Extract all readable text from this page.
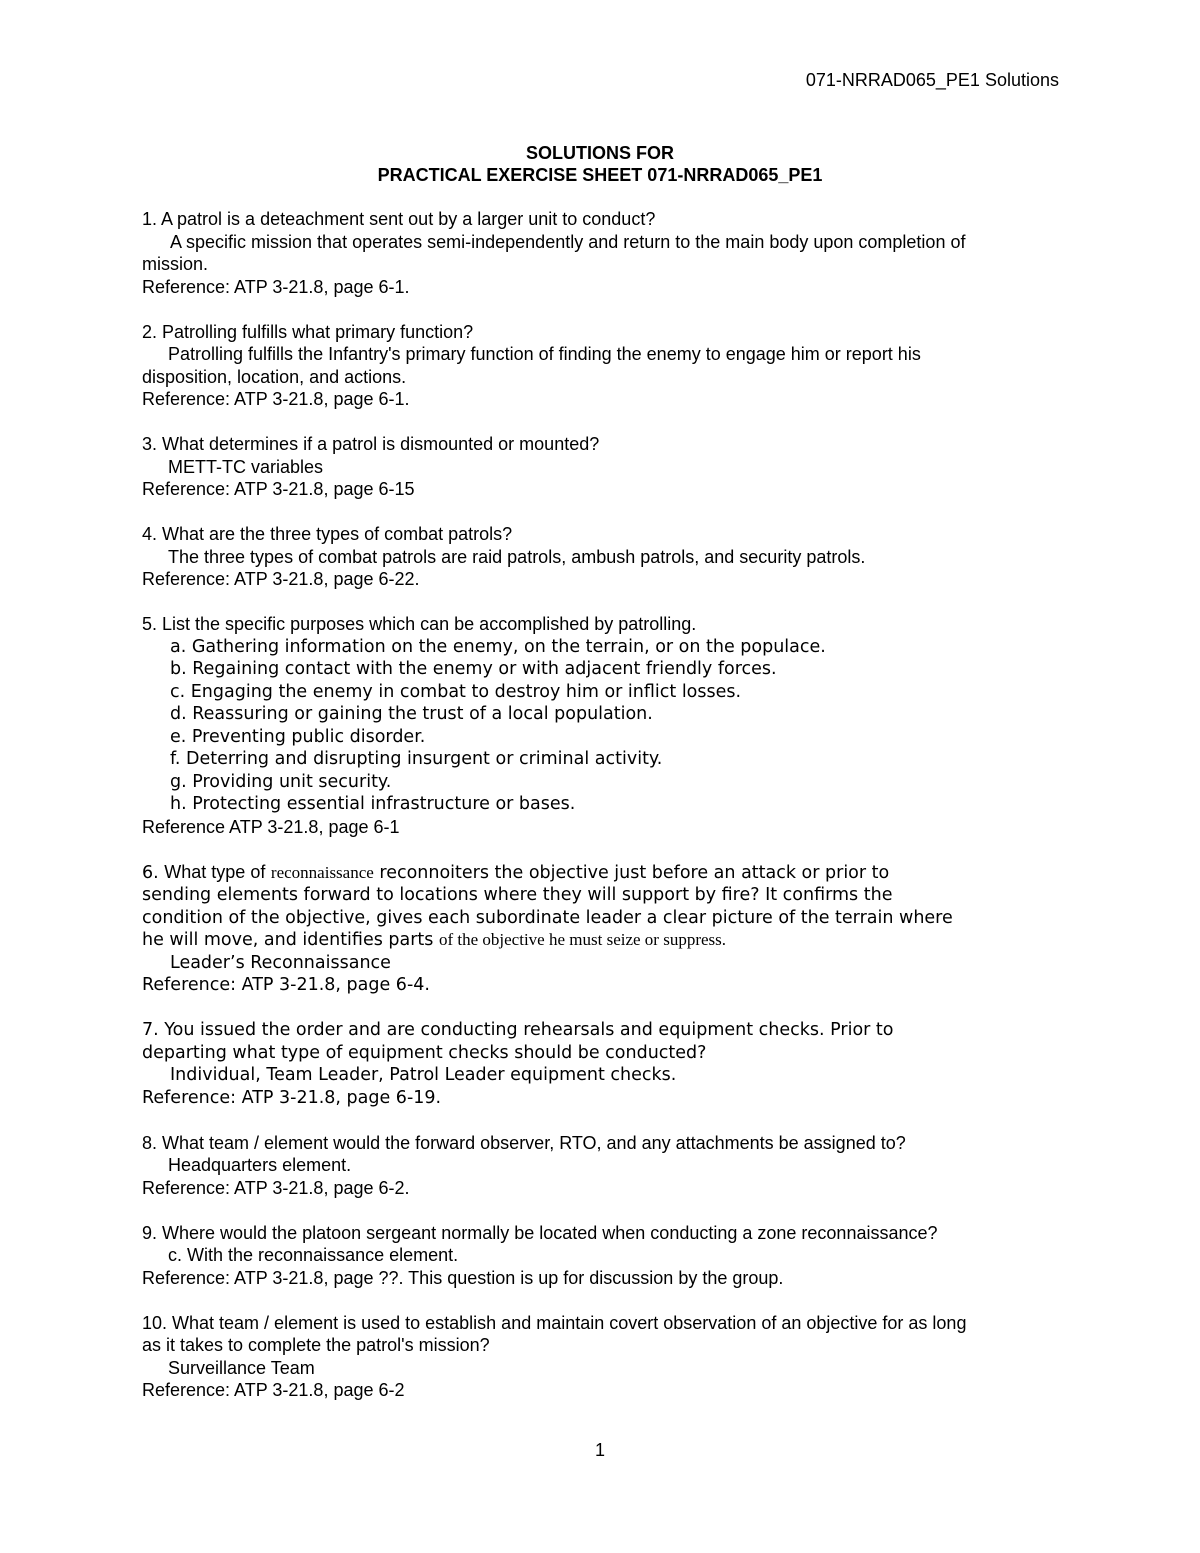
071-NRRAD065_PE1 Solutions
SOLUTIONS FOR
PRACTICAL EXERCISE SHEET 071-NRRAD065_PE1
1. A patrol is a deteachment sent out by a larger unit to conduct?
A specific mission that operates semi-independently and return to the main body upon completion of
mission.
Reference: ATP 3-21.8, page 6-1.
2. Patrolling fulfills what primary function?
Patrolling fulfills the Infantry's primary function of finding the enemy to engage him or report his
disposition, location, and actions.
Reference: ATP 3-21.8, page 6-1.
3. What determines if a patrol is dismounted or mounted?
METT-TC variables
Reference: ATP 3-21.8, page 6-15
4. What are the three types of combat patrols?
The three types of combat patrols are raid patrols, ambush patrols, and security patrols.
Reference: ATP 3-21.8, page 6-22.
5. List the specific purposes which can be accomplished by patrolling.
a. Gathering information on the enemy, on the terrain, or on the populace.
b. Regaining contact with the enemy or with adjacent friendly forces.
c. Engaging the enemy in combat to destroy him or inflict losses.
d. Reassuring or gaining the trust of a local population.
e. Preventing public disorder.
f. Deterring and disrupting insurgent or criminal activity.
g. Providing unit security.
h. Protecting essential infrastructure or bases.
Reference ATP 3-21.8, page 6-1
6. What type of reconnaissance reconnoiters the objective just before an attack or prior to
sending elements forward to locations where they will support by fire? It confirms the
condition of the objective, gives each subordinate leader a clear picture of the terrain where
he will move, and identifies parts of the objective he must seize or suppress.
Leader’s Reconnaissance
Reference: ATP 3-21.8, page 6-4.
7. You issued the order and are conducting rehearsals and equipment checks. Prior to
departing what type of equipment checks should be conducted?
Individual, Team Leader, Patrol Leader equipment checks.
Reference: ATP 3-21.8, page 6-19.
8. What team / element would the forward observer, RTO, and any attachments be assigned to?
Headquarters element.
Reference: ATP 3-21.8, page 6-2.
9. Where would the platoon sergeant normally be located when conducting a zone reconnaissance?
c. With the reconnaissance element.
Reference: ATP 3-21.8, page ??. This question is up for discussion by the group.
10. What team / element is used to establish and maintain covert observation of an objective for as long
as it takes to complete the patrol's mission?
Surveillance Team
Reference: ATP 3-21.8, page 6-2
1
